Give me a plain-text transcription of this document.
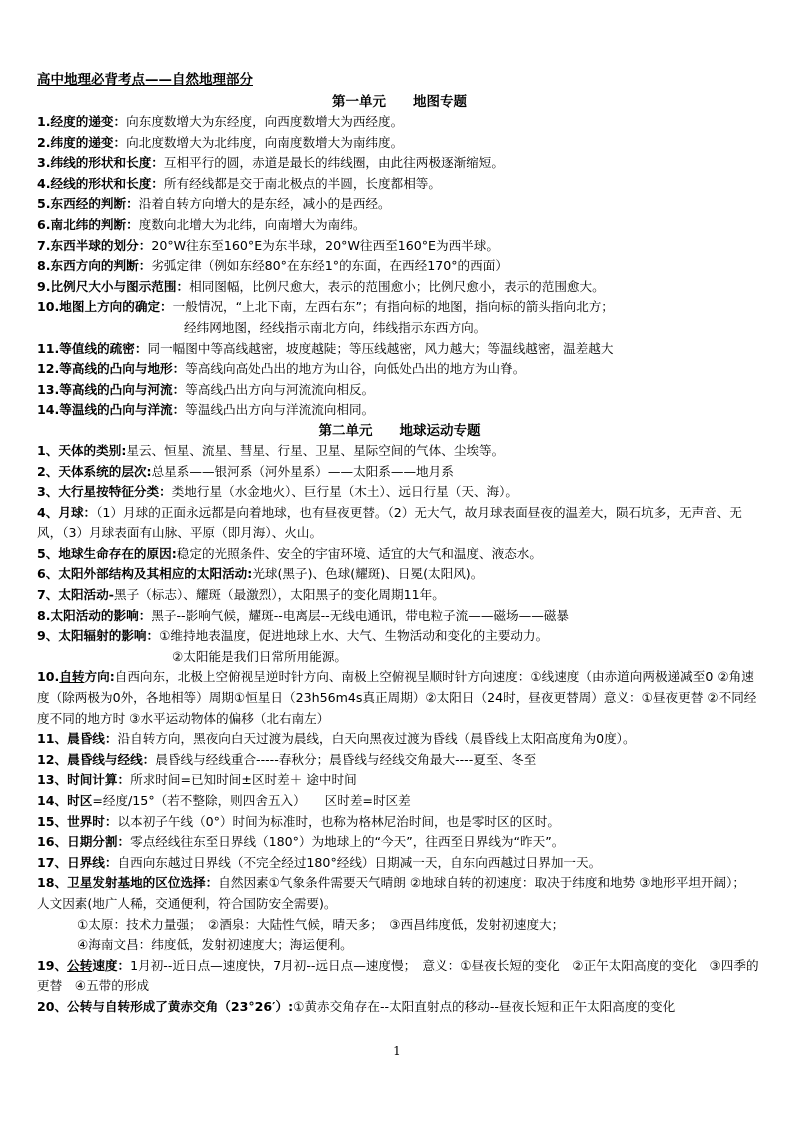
高中地理必背考点——自然地理部分
第一单元　　地图专题

1.经度的递变：向东度数增大为东经度，向西度数增大为西经度。

2.纬度的递变：向北度数增大为北纬度，向南度数增大为南纬度。

3.纬线的形状和长度：互相平行的圆，赤道是最长的纬线圈，由此往两极逐渐缩短。

4.经线的形状和长度：所有经线都是交于南北极点的半圆，长度都相等。

5.东西经的判断：沿着自转方向增大的是东经，减小的是西经。

6.南北纬的判断：度数向北增大为北纬，向南增大为南纬。

7.东西半球的划分：20°W往东至160°E为东半球，20°W往西至160°E为西半球。

8.东西方向的判断：劣弧定律（例如东经80°在东经1°的东面，在西经170°的西面）

9.比例尺大小与图示范围：相同图幅，比例尺愈大，表示的范围愈小；比例尺愈小，表示的范围愈大。

10.地图上方向的确定：一般情况，“上北下南，左西右东”；有指向标的地图，指向标的箭头指向北方；

经纬网地图，经线指示南北方向，纬线指示东西方向。

11.等值线的疏密：同一幅图中等高线越密，坡度越陡；等压线越密，风力越大；等温线越密，温差越大

12.等高线的凸向与地形：等高线向高处凸出的地方为山谷，向低处凸出的地方为山脊。

13.等高线的凸向与河流：等高线凸出方向与河流流向相反。

14.等温线的凸向与洋流：等温线凸出方向与洋流流向相同。

第二单元　　地球运动专题

1、天体的类别:星云、恒星、流星、彗星、行星、卫星、星际空间的气体、尘埃等。

2、天体系统的层次:总星系——银河系（河外星系）——太阳系——地月系

3、大行星按特征分类：类地行星（水金地火）、巨行星（木土）、远日行星（天、海）。

4、月球：（1）月球的正面永远都是向着地球，也有昼夜更替。（2）无大气，故月球表面昼夜的温差大，陨石坑多，无声音、无风，（3）月球表面有山脉、平原（即月海）、火山。

5、地球生命存在的原因:稳定的光照条件、安全的宇宙环境、适宜的大气和温度、液态水。

6、太阳外部结构及其相应的太阳活动:光球(黑子)、色球(耀斑)、日冕(太阳风)。

7、太阳活动-黑子（标志）、耀斑（最激烈），太阳黑子的变化周期11年。

8.太阳活动的影响：黑子--影响气候，耀斑--电离层--无线电通讯，带电粒子流——磁场——磁暴

9、太阳辐射的影响：①维持地表温度，促进地球上水、大气、生物活动和变化的主要动力。

②太阳能是我们日常所用能源。

10.自转方向:自西向东，北极上空俯视呈逆时针方向、南极上空俯视呈顺时针方向速度：①线速度（由赤道向两极递减至0 ②角速度（除两极为0外，各地相等）周期①恒星日（23h56m4s真正周期）②太阳日（24时，昼夜更替周）意义：①昼夜更替 ②不同经度不同的地方时 ③水平运动物体的偏移（北右南左）

11、晨昏线：沿自转方向，黑夜向白天过渡为晨线，白天向黑夜过渡为昏线（晨昏线上太阳高度角为0度）。

12、晨昏线与经线：晨昏线与经线重合-----春秋分；晨昏线与经线交角最大----夏至、冬至

13、时间计算：所求时间=已知时间±区时差＋ 途中时间

14、时区=经度/15°（若不整除，则四舍五入）　　区时差=时区差

15、世界时：以本初子午线（0°）时间为标准时，也称为格林尼治时间，也是零时区的区时。

16、日期分割：零点经线往东至日界线（180°）为地球上的“今天”，往西至日界线为“昨天”。

17、日界线：自西向东越过日界线（不完全经过180°经线）日期减一天，自东向西越过日界加一天。

18、卫星发射基地的区位选择：自然因素①气象条件需要天气晴朗 ②地球自转的初速度：取决于纬度和地势 ③地形平坦开阔）；　　人文因素(地广人稀，交通便利，符合国防安全需要)。

①太原：技术力量强；　②酒泉：大陆性气候，晴天多；　③西昌纬度低，发射初速度大；

④海南文昌：纬度低，发射初速度大；海运便利。

19、公转速度：1月初--近日点—速度快，7月初--远日点—速度慢；　意义：①昼夜长短的变化　②正午太阳高度的变化　③四季的更替　④五带的形成

20、公转与自转形成了黄赤交角（23°26′）:①黄赤交角存在--太阳直射点的移动--昼夜长短和正午太阳高度的变化

1
